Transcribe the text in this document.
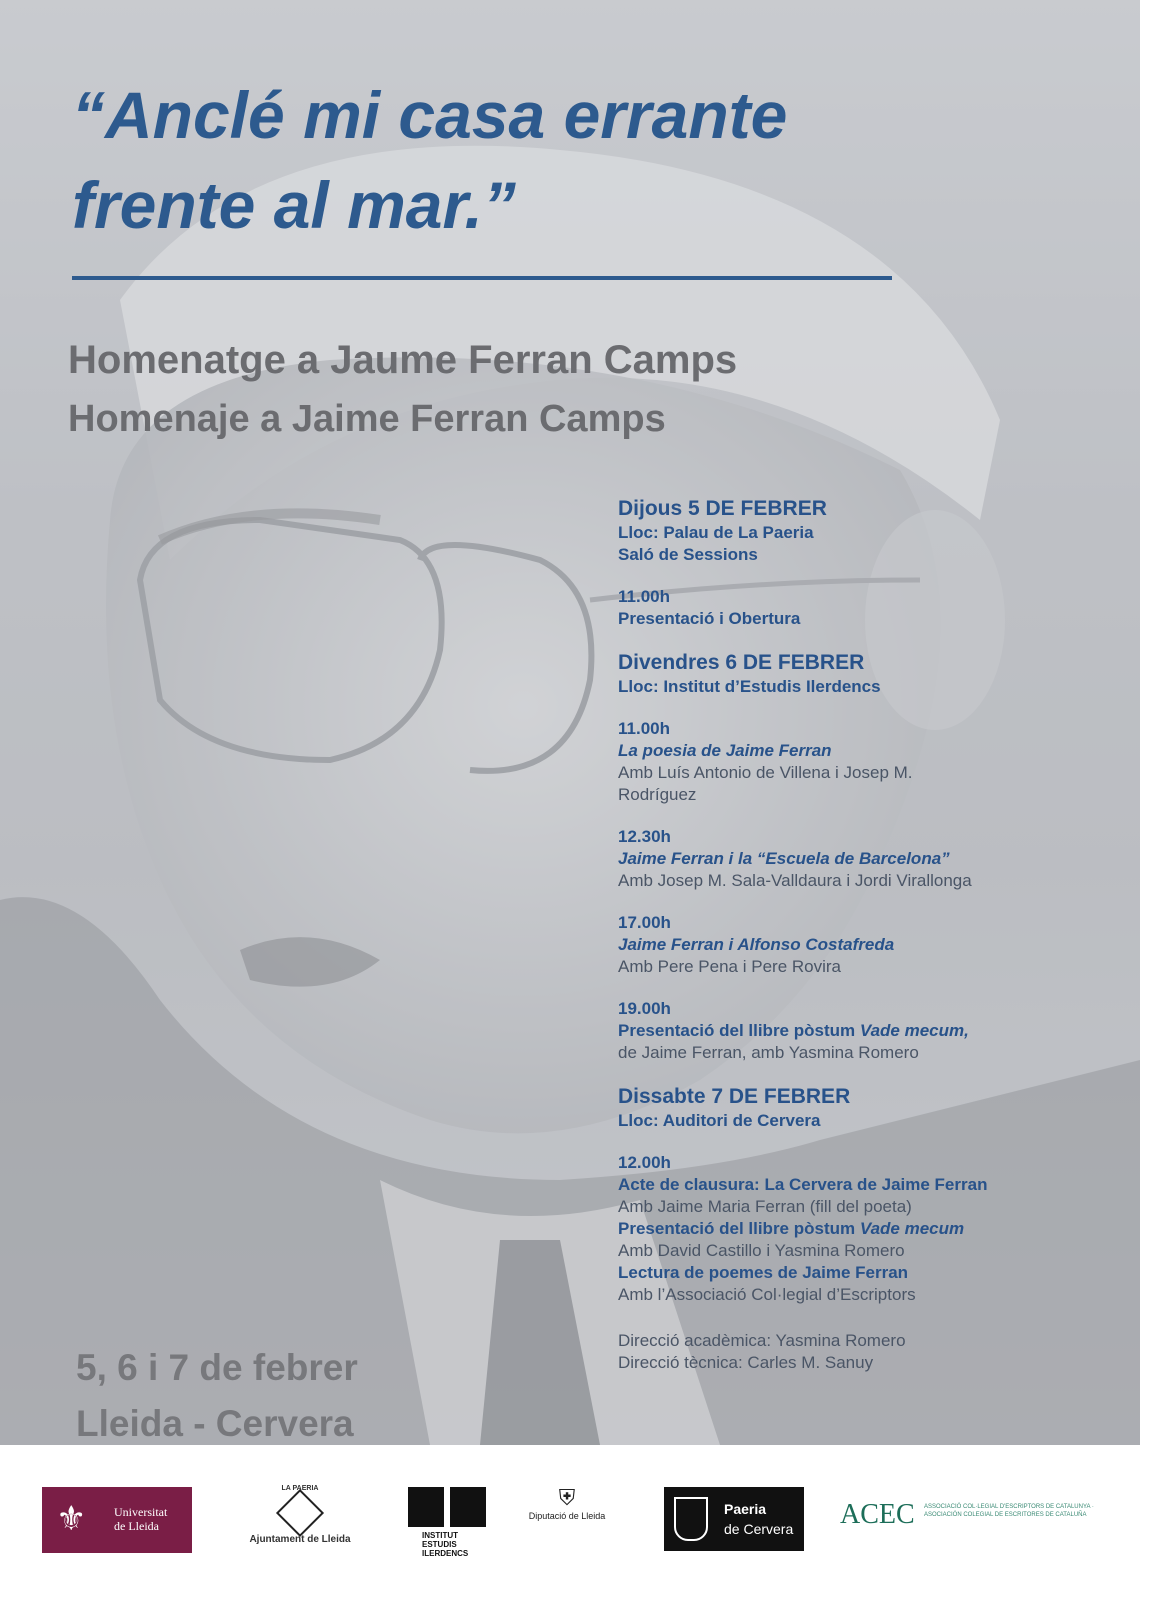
“Anclé mi casa errante
frente al mar.”
Homenatge a Jaume Ferran Camps
Homenaje a Jaime Ferran Camps
Dijous 5 DE FEBRER
Lloc: Palau de La Paeria
Saló de Sessions
11.00h
Presentació i Obertura
Divendres 6 DE FEBRER
Lloc: Institut d’Estudis Ilerdencs
11.00h
La poesia de Jaime Ferran
Amb Luís Antonio de Villena i Josep M.
Rodríguez
12.30h
Jaime Ferran i la “Escuela de Barcelona”
Amb Josep M. Sala-Valldaura i Jordi Virallonga
17.00h
Jaime Ferran i Alfonso Costafreda
Amb Pere Pena i Pere Rovira
19.00h
Presentació del llibre pòstum Vade mecum,
de Jaime Ferran, amb Yasmina Romero
Dissabte 7 DE FEBRER
Lloc: Auditori de Cervera
12.00h
Acte de clausura: La Cervera de Jaime Ferran
Amb Jaime Maria Ferran (fill del poeta)
Presentació del llibre pòstum Vade mecum
Amb David Castillo i Yasmina Romero
Lectura de poemes de Jaime Ferran
Amb l’Associació Col·legial d’Escriptors
Direcció acadèmica: Yasmina Romero
Direcció tècnica: Carles M. Sanuy
5, 6 i 7 de febrer
Lleida - Cervera
⚜ Universitat
de Lleida
LA PAERIA
Ajuntament de Lleida	INSTITUT
ESTUDIS
ILERDENCS
⛨
Diputació de Lleida	Paeria
de Cervera ACEC ASSOCIACIÓ COL·LEGIAL D'ESCRIPTORS DE CATALUNYA · ASOCIACIÓN COLEGIAL DE ESCRITORES DE CATALUÑA
